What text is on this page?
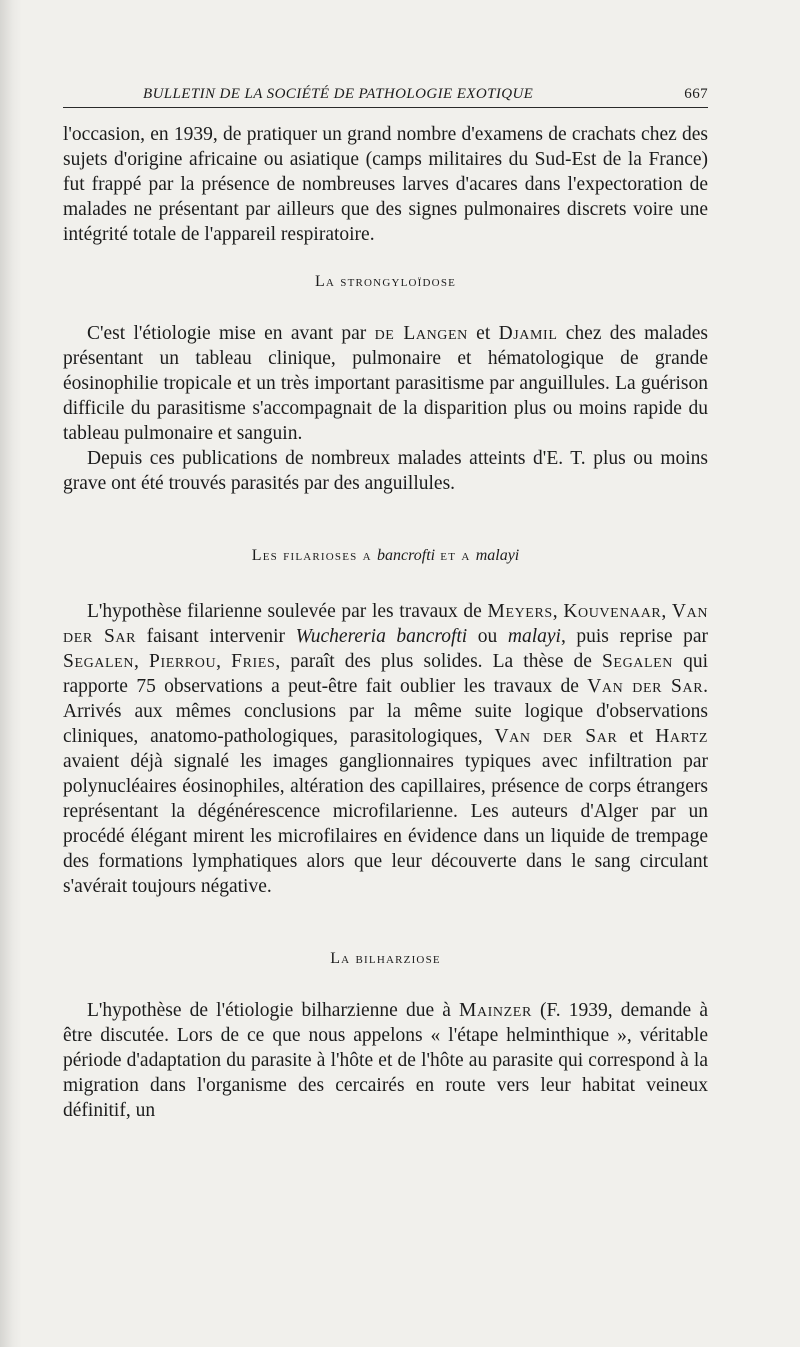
BULLETIN DE LA SOCIÉTÉ DE PATHOLOGIE EXOTIQUE	667

l'occasion, en 1939, de pratiquer un grand nombre d'examens de crachats chez des sujets d'origine africaine ou asiatique (camps militaires du Sud-Est de la France) fut frappé par la présence de nombreuses larves d'acares dans l'expectoration de malades ne présentant par ailleurs que des signes pulmonaires discrets voire une intégrité totale de l'appareil respiratoire.

La strongyloïdose

C'est l'étiologie mise en avant par de Langen et Djamil chez des malades présentant un tableau clinique, pulmonaire et hématologique de grande éosinophilie tropicale et un très important parasitisme par anguillules. La guérison difficile du parasitisme s'accompagnait de la disparition plus ou moins rapide du tableau pulmonaire et sanguin.

Depuis ces publications de nombreux malades atteints d'E. T. plus ou moins grave ont été trouvés parasités par des anguillules.

Les filarioses a bancrofti et a malayi

L'hypothèse filarienne soulevée par les travaux de Meyers, Kouvenaar, Van der Sar faisant intervenir Wuchereria bancrofti ou malayi, puis reprise par Segalen, Pierrou, Fries, paraît des plus solides. La thèse de Segalen qui rapporte 75 observations a peut-être fait oublier les travaux de Van der Sar. Arrivés aux mêmes conclusions par la même suite logique d'observations cliniques, anatomo-pathologiques, parasitologiques, Van der Sar et Hartz avaient déjà signalé les images ganglionnaires typiques avec infiltration par polynucléaires éosinophiles, altération des capillaires, présence de corps étrangers représentant la dégénérescence microfilarienne. Les auteurs d'Alger par un procédé élégant mirent les microfilaires en évidence dans un liquide de trempage des formations lymphatiques alors que leur découverte dans le sang circulant s'avérait toujours négative.

La bilharziose

L'hypothèse de l'étiologie bilharzienne due à Mainzer (F. 1939, demande à être discutée. Lors de ce que nous appelons « l'étape helminthique », véritable période d'adaptation du parasite à l'hôte et de l'hôte au parasite qui correspond à la migration dans l'organisme des cercairés en route vers leur habitat veineux définitif, un
